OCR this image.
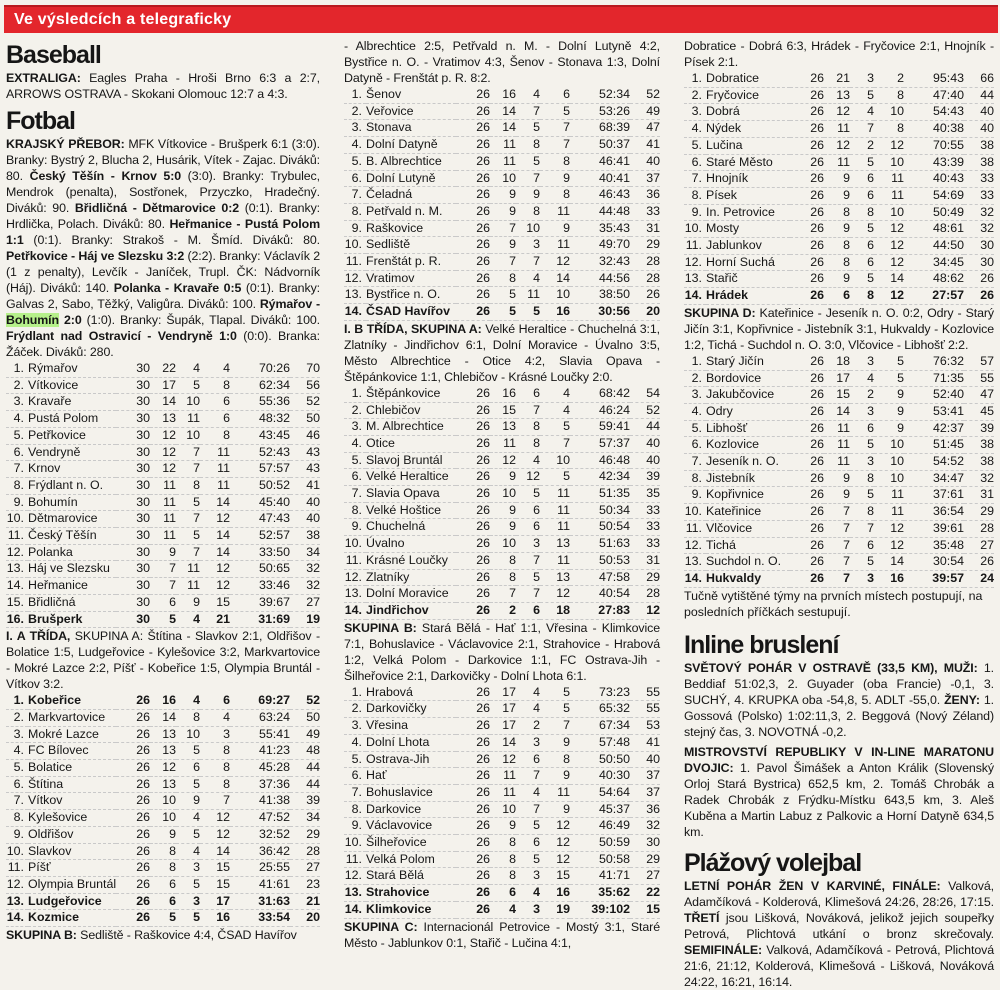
Ve výsledcích a telegraficky
Baseball

EXTRALIGA: Eagles Praha - Hroši Brno 6:3 a 2:7, ARROWS OSTRAVA - Skokani Olomouc 12:7 a 4:3.

Fotbal

KRAJSKÝ PŘEBOR: MFK Vítkovice - Brušperk 6:1 (3:0). Branky: Bystrý 2, Blucha 2, Husárik, Vítek - Zajac. Diváků: 80. Český Těšín - Krnov 5:0 (3:0). Branky: Trybulec, Mendrok (penalta), Sostřonek, Przyczko, Hradečný. Diváků: 90. Břidličná - Dětmarovice 0:2 (0:1). Branky: Hrdlička, Polach. Diváků: 80. Heřmanice - Pustá Polom 1:1 (0:1). Branky: Strakoš - M. Šmíd. Diváků: 80. Petřkovice - Háj ve Slezsku 3:2 (2:2). Branky: Václavík 2 (1 z penalty), Levčík - Janíček, Trupl. ČK: Nádvorník (Háj). Diváků: 140. Polanka - Kravaře 0:5 (0:1). Branky: Galvas 2, Sabo, Těžký, Valigůra. Diváků: 100. Rýmařov - Bohumín 2:0 (1:0). Branky: Šupák, Tlapal. Diváků: 100. Frýdlant nad Ostravicí - Vendryně 1:0 (0:0). Branka: Žáček. Diváků: 280.

1.	Rýmařov	30	22	4	4	70:26	70
2.	Vítkovice	30	17	5	8	62:34	56
3.	Kravaře	30	14	10	6	55:36	52
4.	Pustá Polom	30	13	11	6	48:32	50
5.	Petřkovice	30	12	10	8	43:45	46
6.	Vendryně	30	12	7	11	52:43	43
7.	Krnov	30	12	7	11	57:57	43
8.	Frýdlant n. O.	30	11	8	11	50:52	41
9.	Bohumín	30	11	5	14	45:40	40
10.	Dětmarovice	30	11	7	12	47:43	40
11.	Český Těšín	30	11	5	14	52:57	38
12.	Polanka	30	9	7	14	33:50	34
13.	Háj ve Slezsku	30	7	11	12	50:65	32
14.	Heřmanice	30	7	11	12	33:46	32
15.	Břidličná	30	6	9	15	39:67	27
16.	Brušperk	30	5	4	21	31:69	19

I. A TŘÍDA, SKUPINA A: Štítina - Slavkov 2:1, Oldřišov - Bolatice 1:5, Ludgeřovice - Kylešovice 3:2, Markvartovice - Mokré Lazce 2:2, Píšť - Kobeřice 1:5, Olympia Bruntál - Vítkov 3:2.

1.	Kobeřice	26	16	4	6	69:27	52
2.	Markvartovice	26	14	8	4	63:24	50
3.	Mokré Lazce	26	13	10	3	55:41	49
4.	FC Bílovec	26	13	5	8	41:23	48
5.	Bolatice	26	12	6	8	45:28	44
6.	Štítina	26	13	5	8	37:36	44
7.	Vítkov	26	10	9	7	41:38	39
8.	Kylešovice	26	10	4	12	47:52	34
9.	Oldřišov	26	9	5	12	32:52	29
10.	Slavkov	26	8	4	14	36:42	28
11.	Píšť	26	8	3	15	25:55	27
12.	Olympia Bruntál	26	6	5	15	41:61	23
13.	Ludgeřovice	26	6	3	17	31:63	21
14.	Kozmice	26	5	5	16	33:54	20

SKUPINA B: Sedliště - Raškovice 4:4, ČSAD Havířov

- Albrechtice 2:5, Petřvald n. M. - Dolní Lutyně 4:2, Bystřice n. O. - Vratimov 4:3, Šenov - Stonava 1:3, Dolní Datyně - Frenštát p. R. 8:2.

1.	Šenov	26	16	4	6	52:34	52
2.	Veřovice	26	14	7	5	53:26	49
3.	Stonava	26	14	5	7	68:39	47
4.	Dolní Datyně	26	11	8	7	50:37	41
5.	B. Albrechtice	26	11	5	8	46:41	40
6.	Dolní Lutyně	26	10	7	9	40:41	37
7.	Čeladná	26	9	9	8	46:43	36
8.	Petřvald n. M.	26	9	8	11	44:48	33
9.	Raškovice	26	7	10	9	35:43	31
10.	Sedliště	26	9	3	11	49:70	29
11.	Frenštát p. R.	26	7	7	12	32:43	28
12.	Vratimov	26	8	4	14	44:56	28
13.	Bystřice n. O.	26	5	11	10	38:50	26
14.	ČSAD Havířov	26	5	5	16	30:56	20

I. B TŘÍDA, SKUPINA A: Velké Heraltice - Chuchelná 3:1, Zlatníky - Jindřichov 6:1, Dolní Moravice - Úvalno 3:5, Město Albrechtice - Otice 4:2, Slavia Opava - Štěpánkovice 1:1, Chlebičov - Krásné Loučky 2:0.

1.	Štěpánkovice	26	16	6	4	68:42	54
2.	Chlebičov	26	15	7	4	46:24	52
3.	M. Albrechtice	26	13	8	5	59:41	44
4.	Otice	26	11	8	7	57:37	40
5.	Slavoj Bruntál	26	12	4	10	46:48	40
6.	Velké Heraltice	26	9	12	5	42:34	39
7.	Slavia Opava	26	10	5	11	51:35	35
8.	Velké Hoštice	26	9	6	11	50:34	33
9.	Chuchelná	26	9	6	11	50:54	33
10.	Úvalno	26	10	3	13	51:63	33
11.	Krásné Loučky	26	8	7	11	50:53	31
12.	Zlatníky	26	8	5	13	47:58	29
13.	Dolní Moravice	26	7	7	12	40:54	28
14.	Jindřichov	26	2	6	18	27:83	12

SKUPINA B: Stará Bělá - Hať 1:1, Vřesina - Klimkovice 7:1, Bohuslavice - Václavovice 2:1, Strahovice - Hrabová 1:2, Velká Polom - Darkovice 1:1, FC Ostrava-Jih - Šilheřovice 2:1, Darkovičky - Dolní Lhota 6:1.

1.	Hrabová	26	17	4	5	73:23	55
2.	Darkovičky	26	17	4	5	65:32	55
3.	Vřesina	26	17	2	7	67:34	53
4.	Dolní Lhota	26	14	3	9	57:48	41
5.	Ostrava-Jih	26	12	6	8	50:50	40
6.	Hať	26	11	7	9	40:30	37
7.	Bohuslavice	26	11	4	11	54:64	37
8.	Darkovice	26	10	7	9	45:37	36
9.	Václavovice	26	9	5	12	46:49	32
10.	Šilheřovice	26	8	6	12	50:59	30
11.	Velká Polom	26	8	5	12	50:58	29
12.	Stará Bělá	26	8	3	15	41:71	27
13.	Strahovice	26	6	4	16	35:62	22
14.	Klimkovice	26	4	3	19	39:102	15

SKUPINA C: Internacionál Petrovice - Mostý 3:1, Staré Město - Jablunkov 0:1, Stařič - Lučina 4:1,

Dobratice - Dobrá 6:3, Hrádek - Fryčovice 2:1, Hnojník - Písek 2:1.

1.	Dobratice	26	21	3	2	95:43	66
2.	Fryčovice	26	13	5	8	47:40	44
3.	Dobrá	26	12	4	10	54:43	40
4.	Nýdek	26	11	7	8	40:38	40
5.	Lučina	26	12	2	12	70:55	38
6.	Staré Město	26	11	5	10	43:39	38
7.	Hnojník	26	9	6	11	40:43	33
8.	Písek	26	9	6	11	54:69	33
9.	In. Petrovice	26	8	8	10	50:49	32
10.	Mosty	26	9	5	12	48:61	32
11.	Jablunkov	26	8	6	12	44:50	30
12.	Horní Suchá	26	8	6	12	34:45	30
13.	Stařič	26	9	5	14	48:62	26
14.	Hrádek	26	6	8	12	27:57	26

SKUPINA D: Kateřinice - Jeseník n. O. 0:2, Odry - Starý Jičín 3:1, Kopřivnice - Jistebník 3:1, Hukvaldy - Kozlovice 1:2, Tichá - Suchdol n. O. 3:0, Vlčovice - Libhošť 2:2.

1.	Starý Jičín	26	18	3	5	76:32	57
2.	Bordovice	26	17	4	5	71:35	55
3.	Jakubčovice	26	15	2	9	52:40	47
4.	Odry	26	14	3	9	53:41	45
5.	Libhošť	26	11	6	9	42:37	39
6.	Kozlovice	26	11	5	10	51:45	38
7.	Jeseník n. O.	26	11	3	10	54:52	38
8.	Jistebník	26	9	8	10	34:47	32
9.	Kopřivnice	26	9	5	11	37:61	31
10.	Kateřinice	26	7	8	11	36:54	29
11.	Vlčovice	26	7	7	12	39:61	28
12.	Tichá	26	7	6	12	35:48	27
13.	Suchdol n. O.	26	7	5	14	30:54	26
14.	Hukvaldy	26	7	3	16	39:57	24

Tučně vytištěné týmy na prvních místech postupují, na posledních příčkách sestupují.

Inline bruslení

SVĚTOVÝ POHÁR V OSTRAVĚ (33,5 KM), MUŽI: 1. Beddiaf 51:02,3, 2. Guyader (oba Francie) -0,1, 3. SUCHÝ, 4. KRUPKA oba -54,8, 5. ADLT -55,0. ŽENY: 1. Gossová (Polsko) 1:02:11,3, 2. Beggová (Nový Zéland) stejný čas, 3. NOVOTNÁ -0,2.

MISTROVSTVÍ REPUBLIKY V IN-LINE MARATONU DVOJIC: 1. Pavol Šimášek a Anton Králik (Slovenský Orloj Stará Bystrica) 652,5 km, 2. Tomáš Chrobák a Radek Chrobák z Frýdku-Místku 643,5 km, 3. Aleš Kuběna a Martin Labuz z Palkovic a Horní Datyně 634,5 km.

Plážový volejbal

LETNÍ POHÁR ŽEN V KARVINÉ, FINÁLE: Valková, Adamčíková - Kolderová, Klimešová 24:26, 28:26, 17:15. TŘETÍ jsou Lišková, Nováková, jelikož jejich soupeřky Petrová, Plichtová utkání o bronz skrečovaly. SEMIFINÁLE: Valková, Adamčíková - Petrová, Plichtová 21:6, 21:12, Kolderová, Klimešová - Lišková, Nováková 24:22, 16:21, 16:14.
